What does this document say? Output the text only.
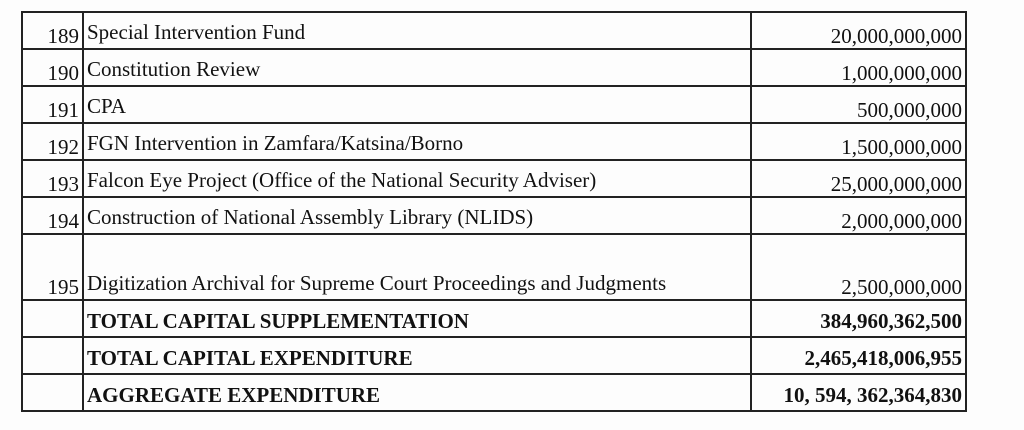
189	Special Intervention Fund	20,000,000,000
190	Constitution Review	1,000,000,000
191	CPA	500,000,000
192	FGN Intervention in Zamfara/Katsina/Borno	1,500,000,000
193	Falcon Eye Project (Office of the National Security Adviser)	25,000,000,000
194	Construction of National Assembly Library (NLIDS)	2,000,000,000
195	Digitization Archival for Supreme Court Proceedings and Judgments	2,500,000,000
	TOTAL CAPITAL SUPPLEMENTATION	384,960,362,500
	TOTAL CAPITAL EXPENDITURE	2,465,418,006,955
	AGGREGATE EXPENDITURE	10, 594, 362,364,830
